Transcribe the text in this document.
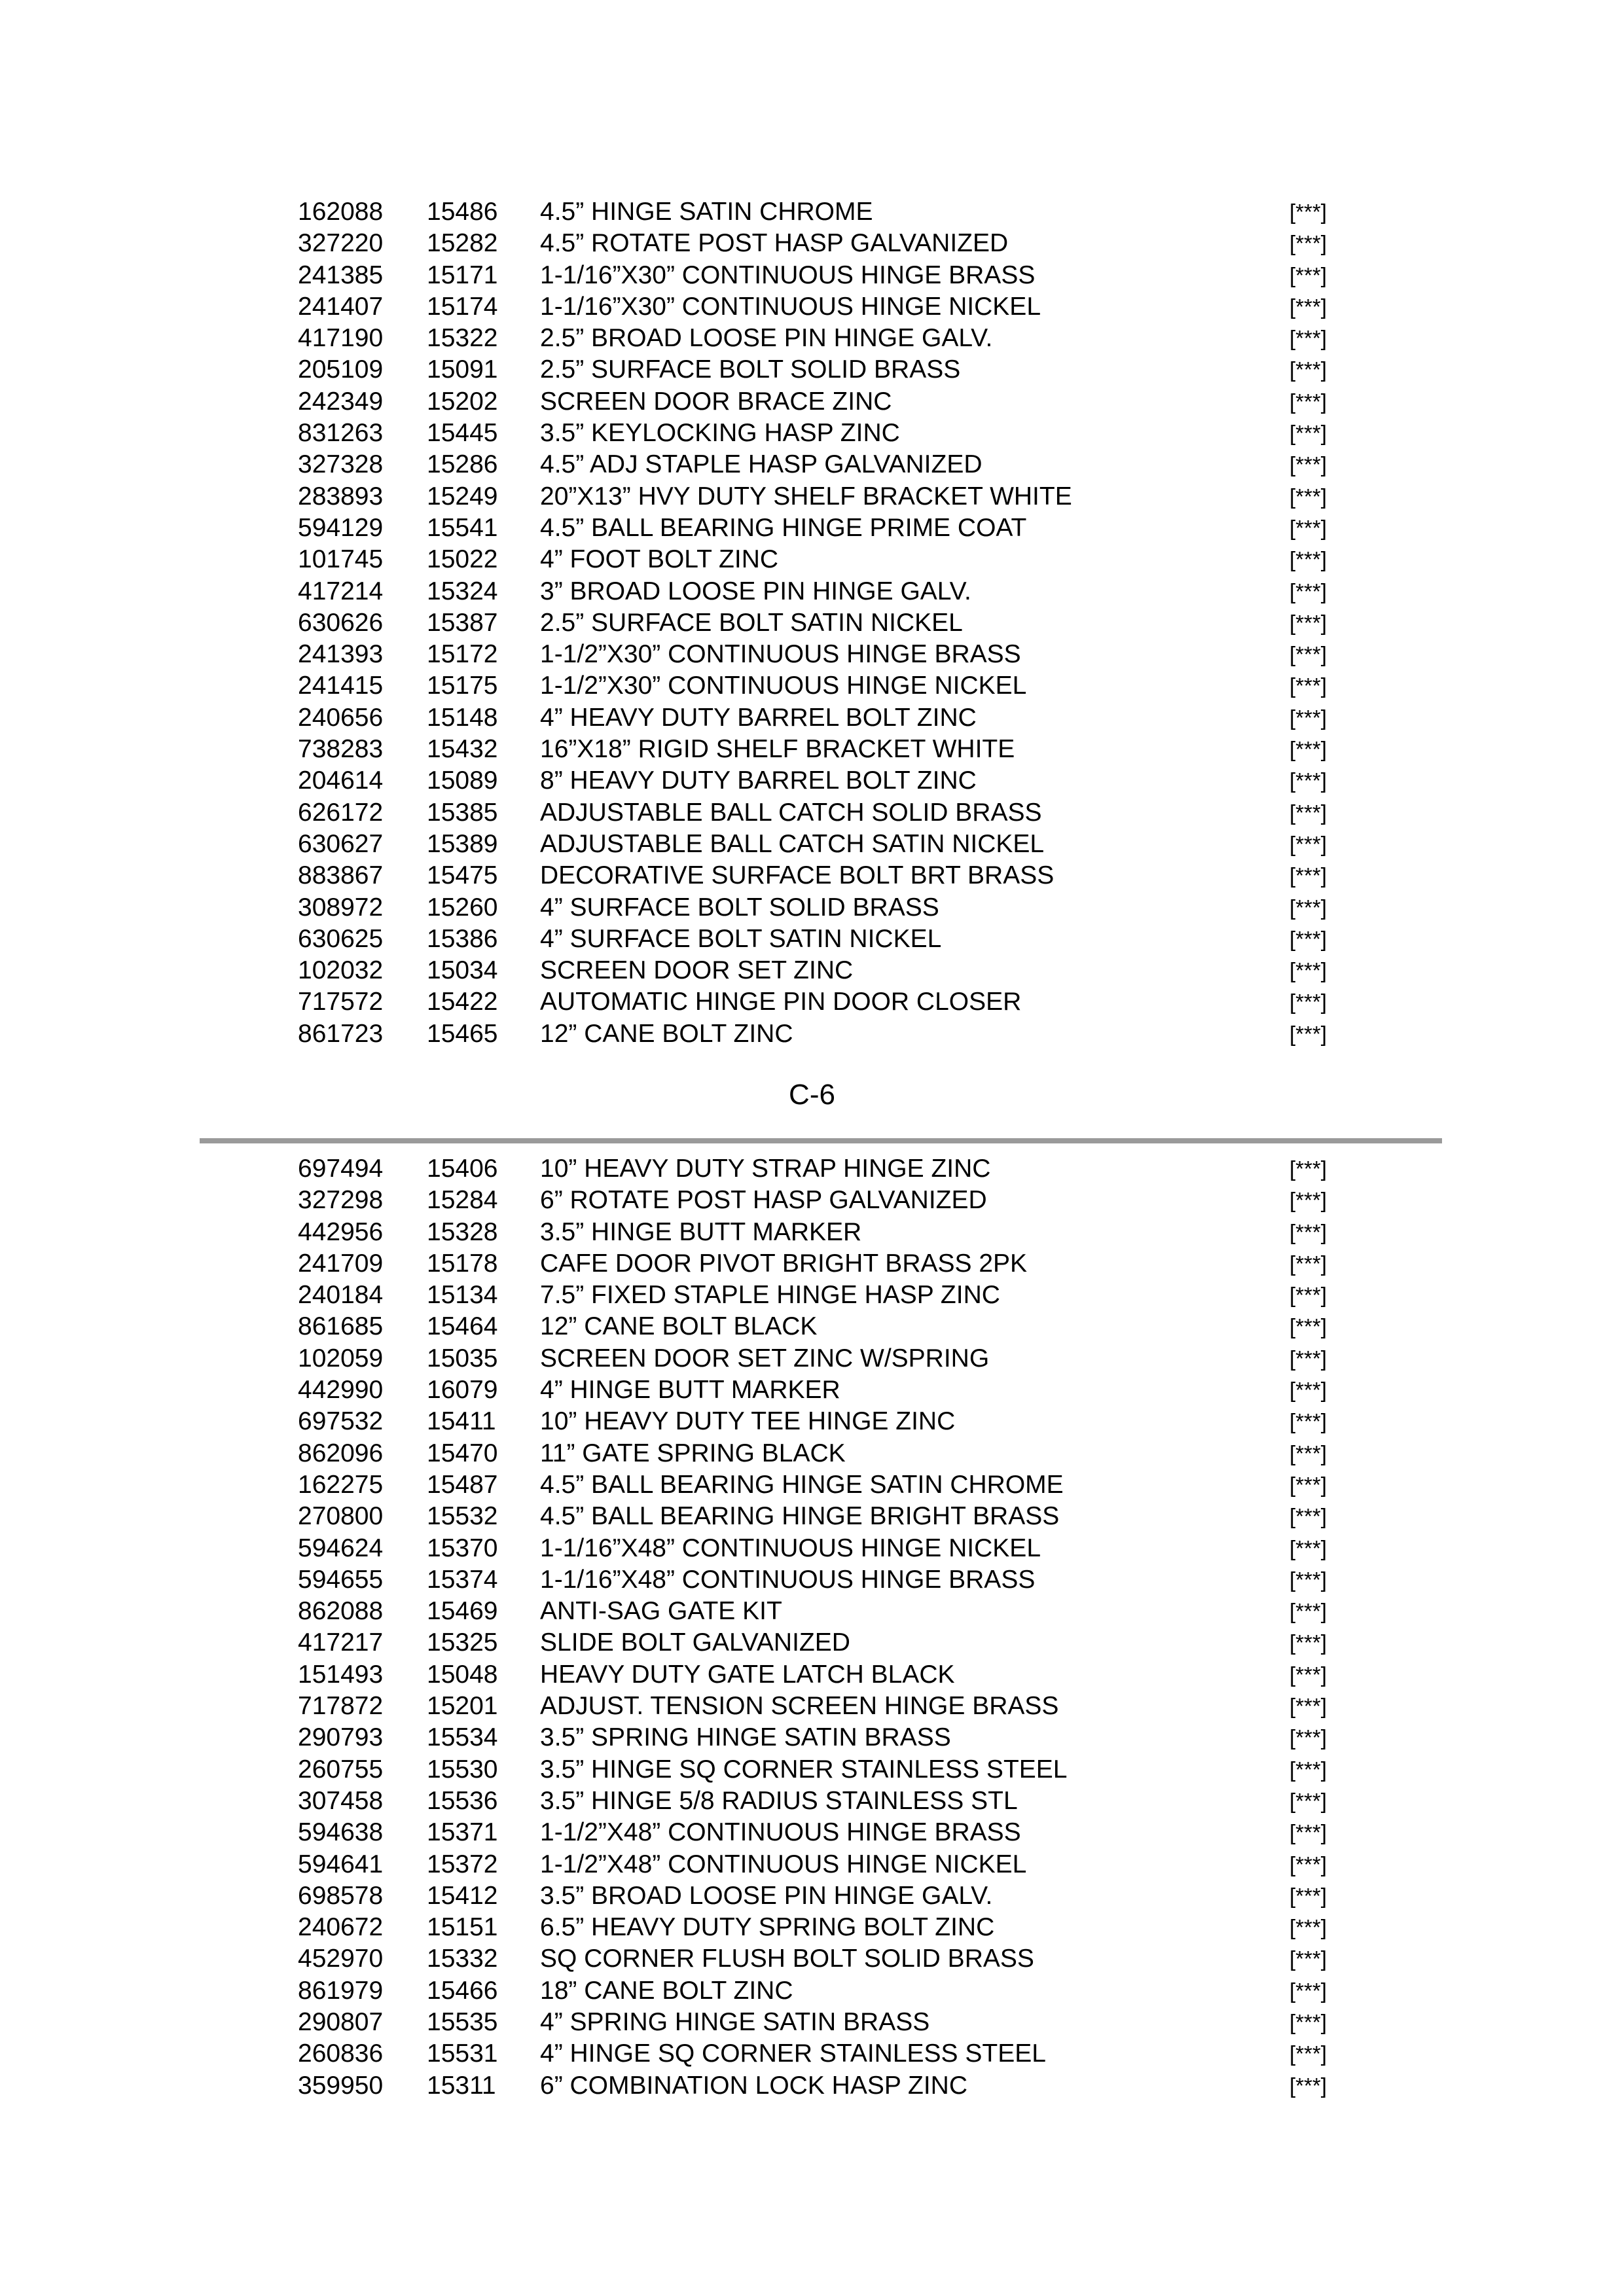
162088 15486 4.5” HINGE SATIN CHROME	[***]
327220 15282 4.5” ROTATE POST HASP GALVANIZED	[***]
241385 15171 1-1/16”X30” CONTINUOUS HINGE BRASS	[***]
241407 15174 1-1/16”X30” CONTINUOUS HINGE NICKEL	[***]
417190 15322 2.5” BROAD LOOSE PIN HINGE GALV.	[***]
205109 15091 2.5” SURFACE BOLT SOLID BRASS	[***]
242349 15202 SCREEN DOOR BRACE ZINC	[***]
831263 15445 3.5” KEYLOCKING HASP ZINC	[***]
327328 15286 4.5” ADJ STAPLE HASP GALVANIZED	[***]
283893 15249 20”X13” HVY DUTY SHELF BRACKET WHITE	[***]
594129 15541 4.5” BALL BEARING HINGE PRIME COAT	[***]
101745 15022 4” FOOT BOLT ZINC	[***]
417214 15324 3” BROAD LOOSE PIN HINGE GALV.	[***]
630626 15387 2.5” SURFACE BOLT SATIN NICKEL	[***]
241393 15172 1-1/2”X30” CONTINUOUS HINGE BRASS	[***]
241415 15175 1-1/2”X30” CONTINUOUS HINGE NICKEL	[***]
240656 15148 4” HEAVY DUTY BARREL BOLT ZINC	[***]
738283 15432 16”X18” RIGID SHELF BRACKET WHITE	[***]
204614 15089 8” HEAVY DUTY BARREL BOLT ZINC	[***]
626172 15385 ADJUSTABLE BALL CATCH SOLID BRASS	[***]
630627 15389 ADJUSTABLE BALL CATCH SATIN NICKEL	[***]
883867 15475 DECORATIVE SURFACE BOLT BRT BRASS	[***]
308972 15260 4” SURFACE BOLT SOLID BRASS	[***]
630625 15386 4” SURFACE BOLT SATIN NICKEL	[***]
102032 15034 SCREEN DOOR SET ZINC	[***]
717572 15422 AUTOMATIC HINGE PIN DOOR CLOSER	[***]
861723 15465 12” CANE BOLT ZINC	[***]
C-6
697494 15406 10” HEAVY DUTY STRAP HINGE ZINC	[***]
327298 15284 6” ROTATE POST HASP GALVANIZED	[***]
442956 15328 3.5” HINGE BUTT MARKER	[***]
241709 15178 CAFE DOOR PIVOT BRIGHT BRASS 2PK	[***]
240184 15134 7.5” FIXED STAPLE HINGE HASP ZINC	[***]
861685 15464 12” CANE BOLT BLACK	[***]
102059 15035 SCREEN DOOR SET ZINC W/SPRING	[***]
442990 16079 4” HINGE BUTT MARKER	[***]
697532 15411 10” HEAVY DUTY TEE HINGE ZINC	[***]
862096 15470 11” GATE SPRING BLACK	[***]
162275 15487 4.5” BALL BEARING HINGE SATIN CHROME	[***]
270800 15532 4.5” BALL BEARING HINGE BRIGHT BRASS	[***]
594624 15370 1-1/16”X48” CONTINUOUS HINGE NICKEL	[***]
594655 15374 1-1/16”X48” CONTINUOUS HINGE BRASS	[***]
862088 15469 ANTI-SAG GATE KIT	[***]
417217 15325 SLIDE BOLT GALVANIZED	[***]
151493 15048 HEAVY DUTY GATE LATCH BLACK	[***]
717872 15201 ADJUST. TENSION SCREEN HINGE BRASS	[***]
290793 15534 3.5” SPRING HINGE SATIN BRASS	[***]
260755 15530 3.5” HINGE SQ CORNER STAINLESS STEEL	[***]
307458 15536 3.5” HINGE 5/8 RADIUS STAINLESS STL	[***]
594638 15371 1-1/2”X48” CONTINUOUS HINGE BRASS	[***]
594641 15372 1-1/2”X48” CONTINUOUS HINGE NICKEL	[***]
698578 15412 3.5” BROAD LOOSE PIN HINGE GALV.	[***]
240672 15151 6.5” HEAVY DUTY SPRING BOLT ZINC	[***]
452970 15332 SQ CORNER FLUSH BOLT SOLID BRASS	[***]
861979 15466 18” CANE BOLT ZINC	[***]
290807 15535 4” SPRING HINGE SATIN BRASS	[***]
260836 15531 4” HINGE SQ CORNER STAINLESS STEEL	[***]
359950 15311 6” COMBINATION LOCK HASP ZINC	[***]
